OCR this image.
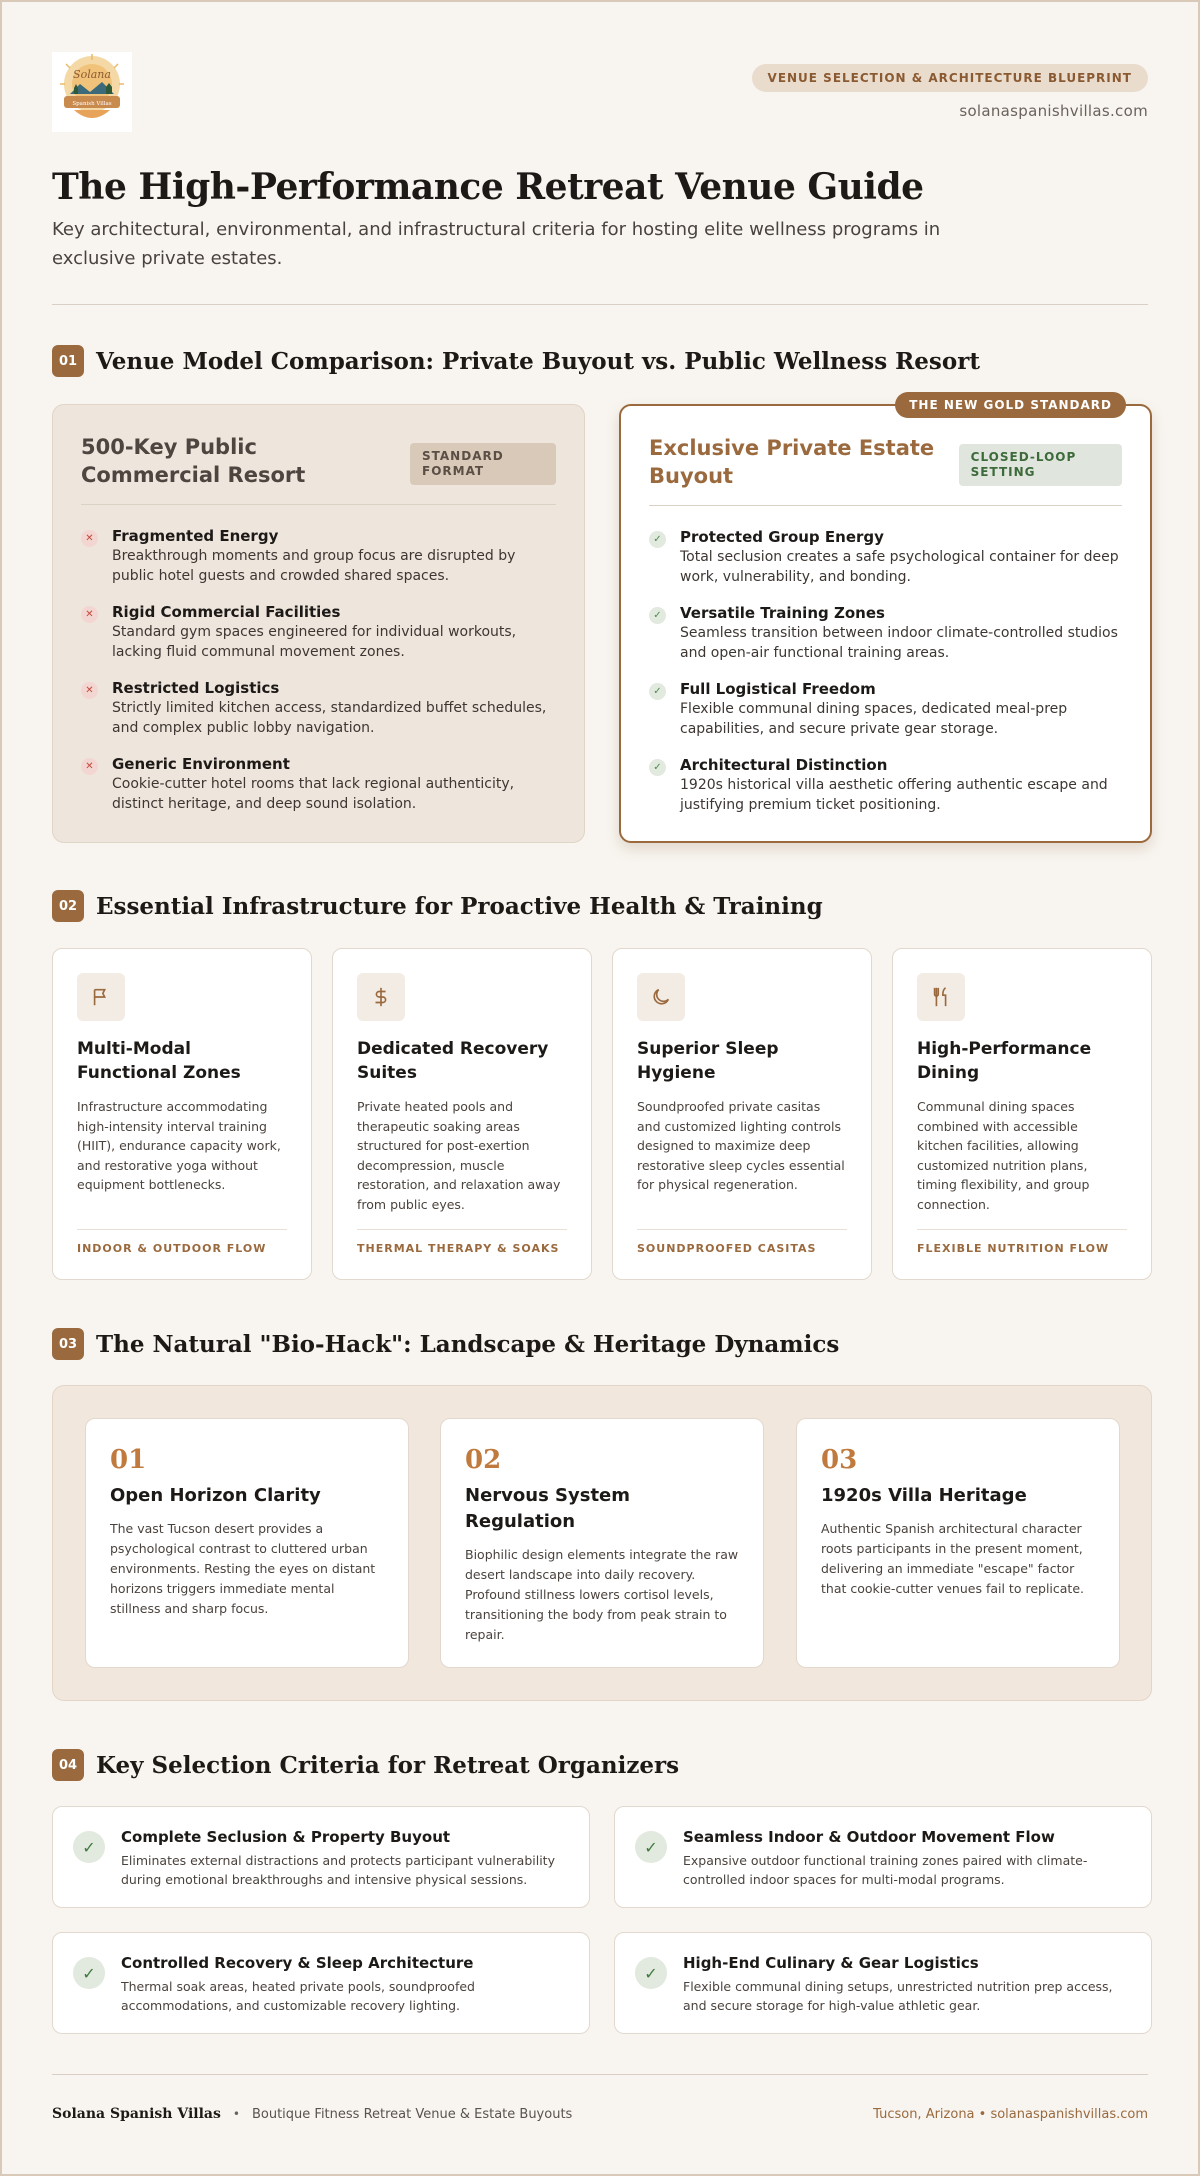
Solana
Spanish Villas
VENUE SELECTION & ARCHITECTURE BLUEPRINT
solanaspanishvillas.com
The High-Performance Retreat Venue Guide
Key architectural, environmental, and infrastructural criteria for hosting elite wellness programs in exclusive private estates.
01 Venue Model Comparison: Private Buyout vs. Public Wellness Resort
500-Key Public Commercial Resort
STANDARD FORMAT
✕ Fragmented Energy
Breakthrough moments and group focus are disrupted by public hotel guests and crowded shared spaces.
✕ Rigid Commercial Facilities
Standard gym spaces engineered for individual workouts, lacking fluid communal movement zones.
✕ Restricted Logistics
Strictly limited kitchen access, standardized buffet schedules, and complex public lobby navigation.
✕ Generic Environment
Cookie-cutter hotel rooms that lack regional authenticity, distinct heritage, and deep sound isolation.
THE NEW GOLD STANDARD
Exclusive Private Estate Buyout
CLOSED-LOOP SETTING
✓ Protected Group Energy
Total seclusion creates a safe psychological container for deep work, vulnerability, and bonding.
✓ Versatile Training Zones
Seamless transition between indoor climate-controlled studios and open-air functional training areas.
✓ Full Logistical Freedom
Flexible communal dining spaces, dedicated meal-prep capabilities, and secure private gear storage.
✓ Architectural Distinction
1920s historical villa aesthetic offering authentic escape and justifying premium ticket positioning.
02 Essential Infrastructure for Proactive Health & Training
Multi-Modal Functional Zones
Infrastructure accommodating high-intensity interval training (HIIT), endurance capacity work, and restorative yoga without equipment bottlenecks.
INDOOR & OUTDOOR FLOW
Dedicated Recovery Suites
Private heated pools and therapeutic soaking areas structured for post-exertion decompression, muscle restoration, and relaxation away from public eyes.
THERMAL THERAPY & SOAKS
Superior Sleep Hygiene
Soundproofed private casitas and customized lighting controls designed to maximize deep restorative sleep cycles essential for physical regeneration.
SOUNDPROOFED CASITAS
High-Performance Dining
Communal dining spaces combined with accessible kitchen facilities, allowing customized nutrition plans, timing flexibility, and group connection.
FLEXIBLE NUTRITION FLOW
03 The Natural "Bio-Hack": Landscape & Heritage Dynamics
01
Open Horizon Clarity
The vast Tucson desert provides a psychological contrast to cluttered urban environments. Resting the eyes on distant horizons triggers immediate mental stillness and sharp focus.
02
Nervous System Regulation
Biophilic design elements integrate the raw desert landscape into daily recovery. Profound stillness lowers cortisol levels, transitioning the body from peak strain to repair.
03
1920s Villa Heritage
Authentic Spanish architectural character roots participants in the present moment, delivering an immediate "escape" factor that cookie-cutter venues fail to replicate.
04 Key Selection Criteria for Retreat Organizers
✓
Complete Seclusion & Property Buyout
Eliminates external distractions and protects participant vulnerability during emotional breakthroughs and intensive physical sessions.
✓
Seamless Indoor & Outdoor Movement Flow
Expansive outdoor functional training zones paired with climate-controlled indoor spaces for multi-modal programs.
✓
Controlled Recovery & Sleep Architecture
Thermal soak areas, heated private pools, soundproofed accommodations, and customizable recovery lighting.
✓
High-End Culinary & Gear Logistics
Flexible communal dining setups, unrestricted nutrition prep access, and secure storage for high-value athletic gear.
Solana Spanish Villas • Boutique Fitness Retreat Venue & Estate Buyouts	Tucson, Arizona • solanaspanishvillas.com
